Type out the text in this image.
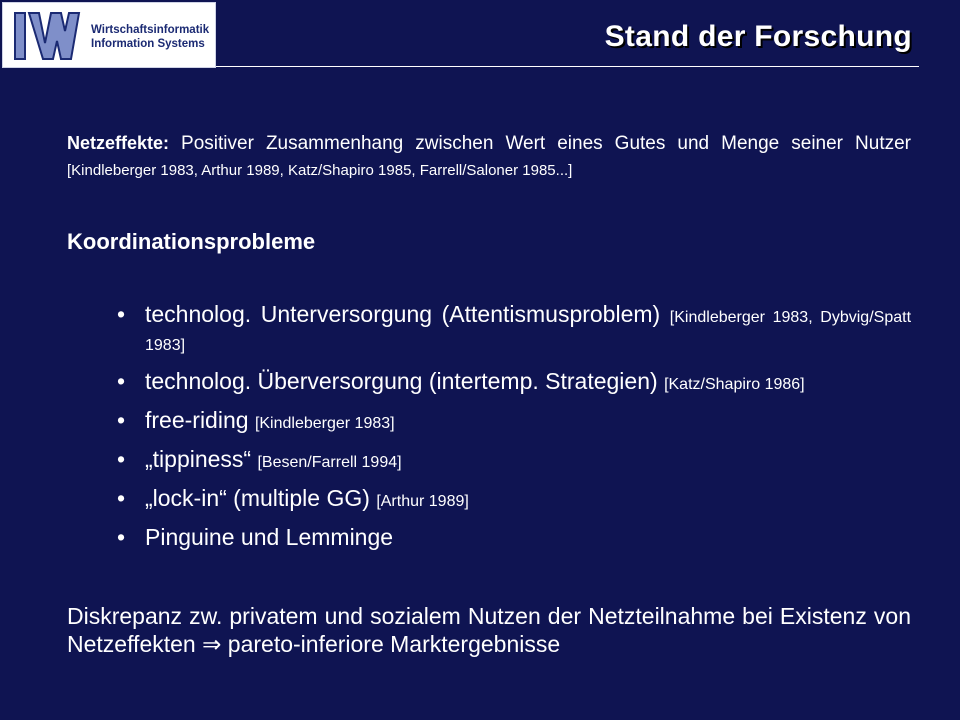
IWI
Wirtschaftsinformatik
Information Systems	Stand der Forschung
Netzeffekte: Positiver Zusammenhang zwischen Wert eines Gutes und Menge seiner Nutzer [Kindleberger 1983, Arthur 1989, Katz/Shapiro 1985, Farrell/Saloner 1985...]
Koordinationsprobleme
• technolog. Unterversorgung (Attentismusproblem) [Kindleberger 1983, Dybvig/Spatt 1983]
• technolog. Überversorgung (intertemp. Strategien) [Katz/Shapiro 1986]
• free-riding [Kindleberger 1983]
• „tippiness“ [Besen/Farrell 1994]
• „lock-in“ (multiple GG) [Arthur 1989]
• Pinguine und Lemminge
Diskrepanz zw. privatem und sozialem Nutzen der Netzteilnahme bei Existenz von Netzeffekten ⇒ pareto-inferiore Marktergebnisse
